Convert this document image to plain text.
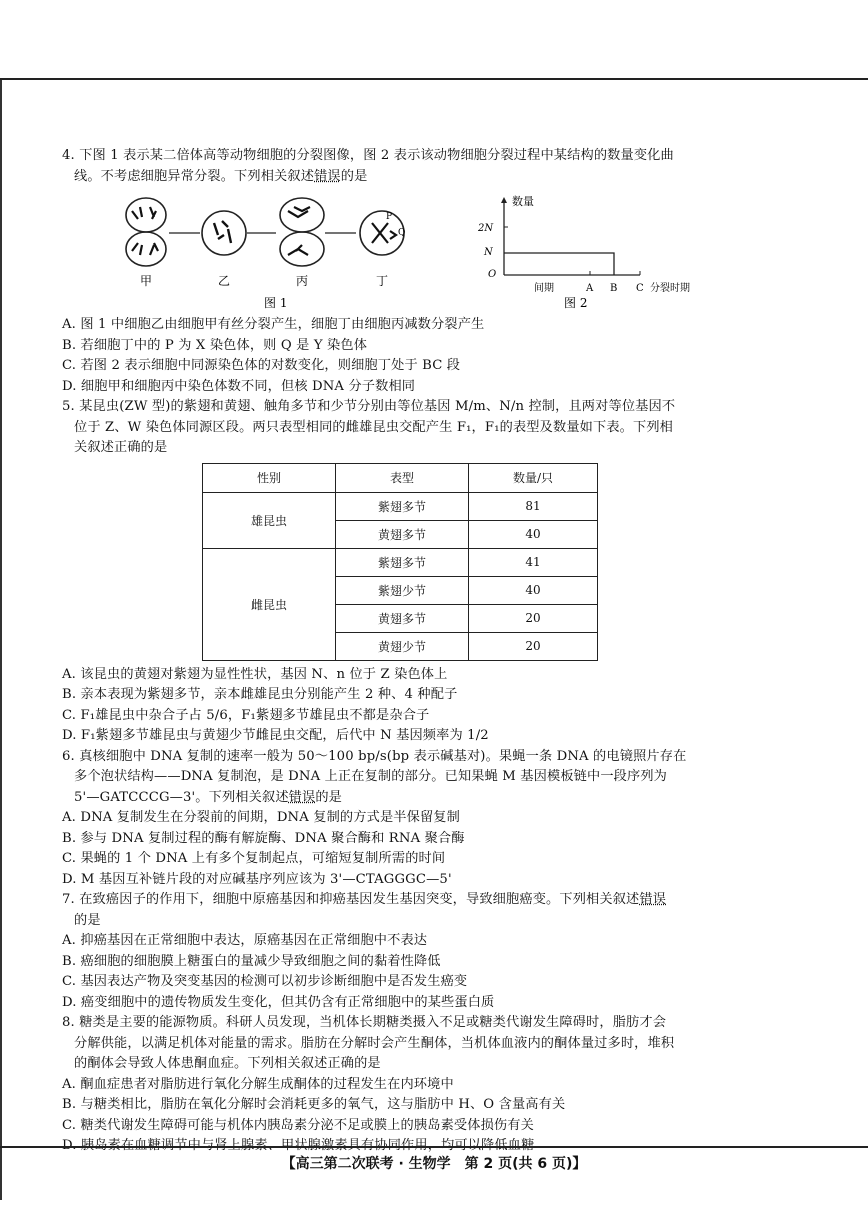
4. 下图 1 表示某二倍体高等动物细胞的分裂图像，图 2 表示该动物细胞分裂过程中某结构的数量变化曲
线。不考虑细胞异常分裂。下列相关叙述错误的是
甲	乙	丙
P
Q
丁
图 1
数量
2N
N
O
间期	A B C 分裂时期
图 2
A. 图 1 中细胞乙由细胞甲有丝分裂产生，细胞丁由细胞丙减数分裂产生
B. 若细胞丁中的 P 为 X 染色体，则 Q 是 Y 染色体
C. 若图 2 表示细胞中同源染色体的对数变化，则细胞丁处于 BC 段
D. 细胞甲和细胞丙中染色体数不同，但核 DNA 分子数相同
5. 某昆虫(ZW 型)的紫翅和黄翅、触角多节和少节分别由等位基因 M/m、N/n 控制，且两对等位基因不
位于 Z、W 染色体同源区段。两只表型相同的雌雄昆虫交配产生 F₁，F₁的表型及数量如下表。下列相
关叙述正确的是
性别	表型	数量/只
雄昆虫	紫翅多节	81
	黄翅多节	40
雌昆虫	紫翅多节	41
	紫翅少节	40
	黄翅多节	20
	黄翅少节	20
A. 该昆虫的黄翅对紫翅为显性性状，基因 N、n 位于 Z 染色体上
B. 亲本表现为紫翅多节，亲本雌雄昆虫分别能产生 2 种、4 种配子
C. F₁雄昆虫中杂合子占 5/6，F₁紫翅多节雄昆虫不都是杂合子
D. F₁紫翅多节雄昆虫与黄翅少节雌昆虫交配，后代中 N 基因频率为 1/2
6. 真核细胞中 DNA 复制的速率一般为 50～100 bp/s(bp 表示碱基对)。果蝇一条 DNA 的电镜照片存在
多个泡状结构——DNA 复制泡，是 DNA 上正在复制的部分。已知果蝇 M 基因模板链中一段序列为
5'—GATCCCG—3'。下列相关叙述错误的是
A. DNA 复制发生在分裂前的间期，DNA 复制的方式是半保留复制
B. 参与 DNA 复制过程的酶有解旋酶、DNA 聚合酶和 RNA 聚合酶
C. 果蝇的 1 个 DNA 上有多个复制起点，可缩短复制所需的时间
D. M 基因互补链片段的对应碱基序列应该为 3'—CTAGGGC—5'
7. 在致癌因子的作用下，细胞中原癌基因和抑癌基因发生基因突变，导致细胞癌变。下列相关叙述错误
的是
A. 抑癌基因在正常细胞中表达，原癌基因在正常细胞中不表达
B. 癌细胞的细胞膜上糖蛋白的量减少导致细胞之间的黏着性降低
C. 基因表达产物及突变基因的检测可以初步诊断细胞中是否发生癌变
D. 癌变细胞中的遗传物质发生变化，但其仍含有正常细胞中的某些蛋白质
8. 糖类是主要的能源物质。科研人员发现，当机体长期糖类摄入不足或糖类代谢发生障碍时，脂肪才会
分解供能，以满足机体对能量的需求。脂肪在分解时会产生酮体，当机体血液内的酮体量过多时，堆积
的酮体会导致人体患酮血症。下列相关叙述正确的是
A. 酮血症患者对脂肪进行氧化分解生成酮体的过程发生在内环境中
B. 与糖类相比，脂肪在氧化分解时会消耗更多的氧气，这与脂肪中 H、O 含量高有关
C. 糖类代谢发生障碍可能与机体内胰岛素分泌不足或膜上的胰岛素受体损伤有关
【高三第二次联考 · 生物学　第 2 页(共 6 页)】
